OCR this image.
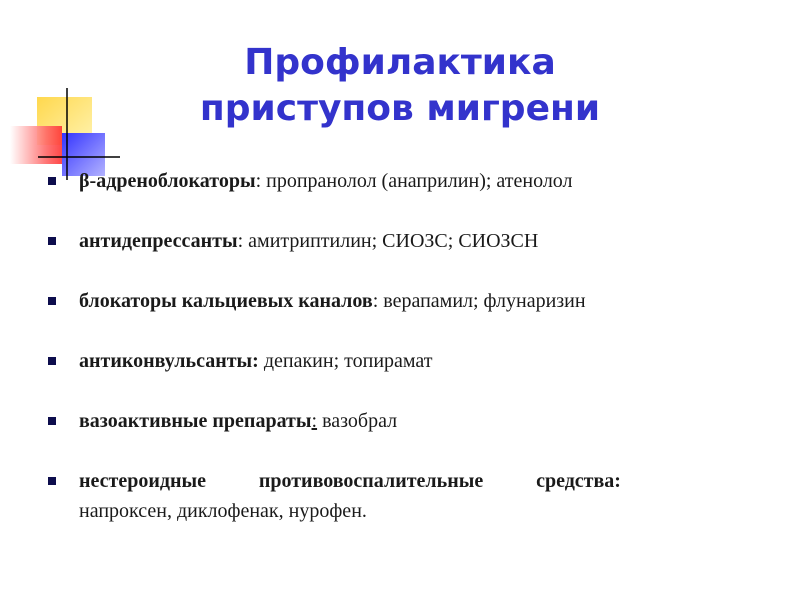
Профилактика
приступов мигрени
β-адреноблокаторы: пропранолол (анаприлин); атенолол
антидепрессанты: амитриптилин; СИОЗС; СИОЗСН
блокаторы кальциевых каналов: верапамил; флунаризин
антиконвульсанты: депакин; топирамат
вазоактивные препараты: вазобрал
нестероидные	противовоспалительные	средства:
напроксен, диклофенак, нурофен.
